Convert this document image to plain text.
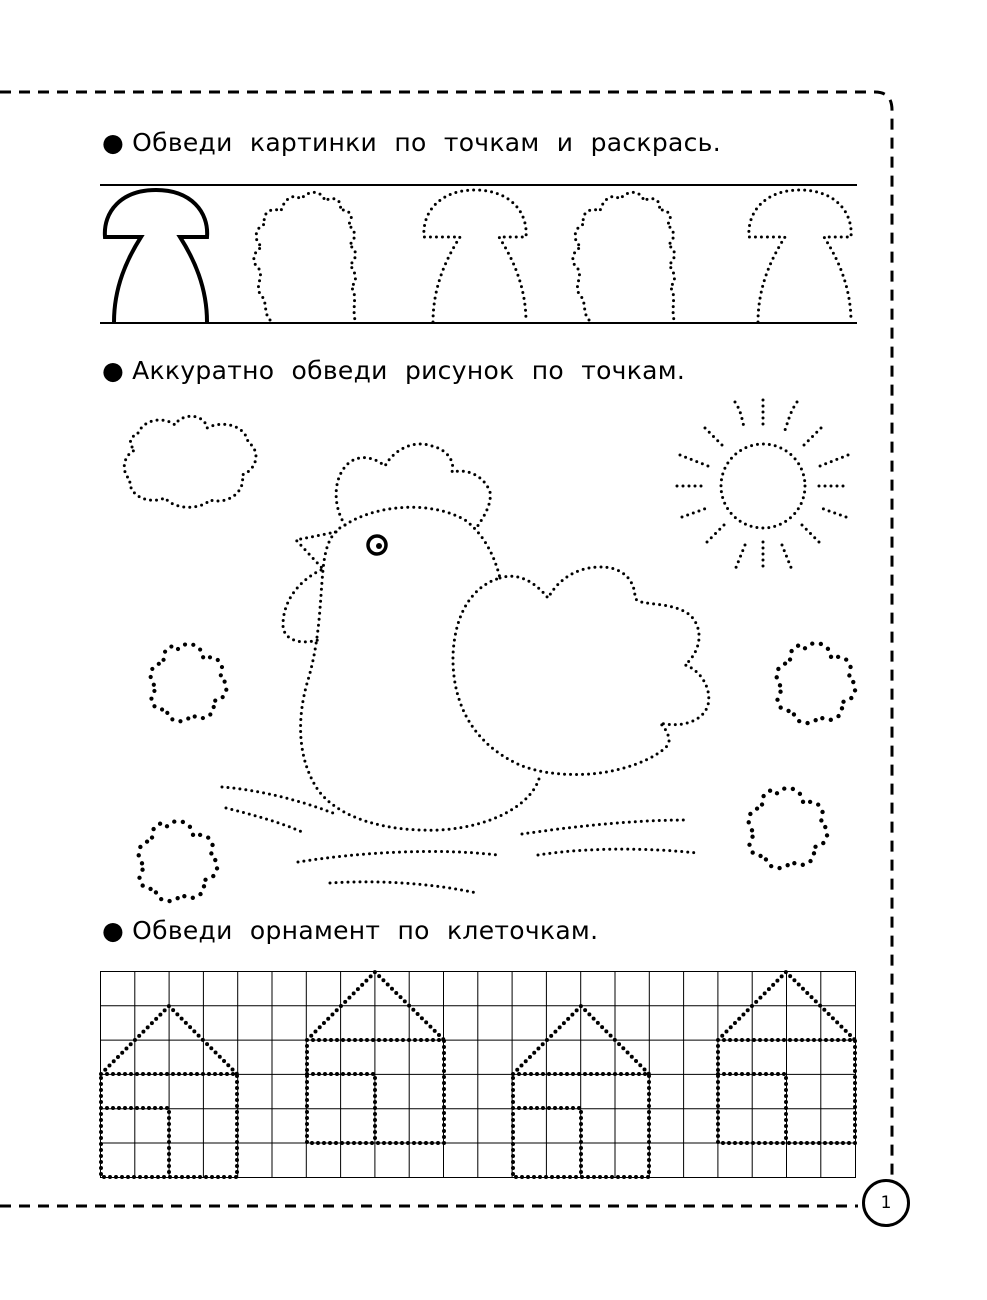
● Обведи картинки по точкам и раскрась.
● Аккуратно обведи рисунок по точкам.
● Обведи орнамент по клеточкам.
1
